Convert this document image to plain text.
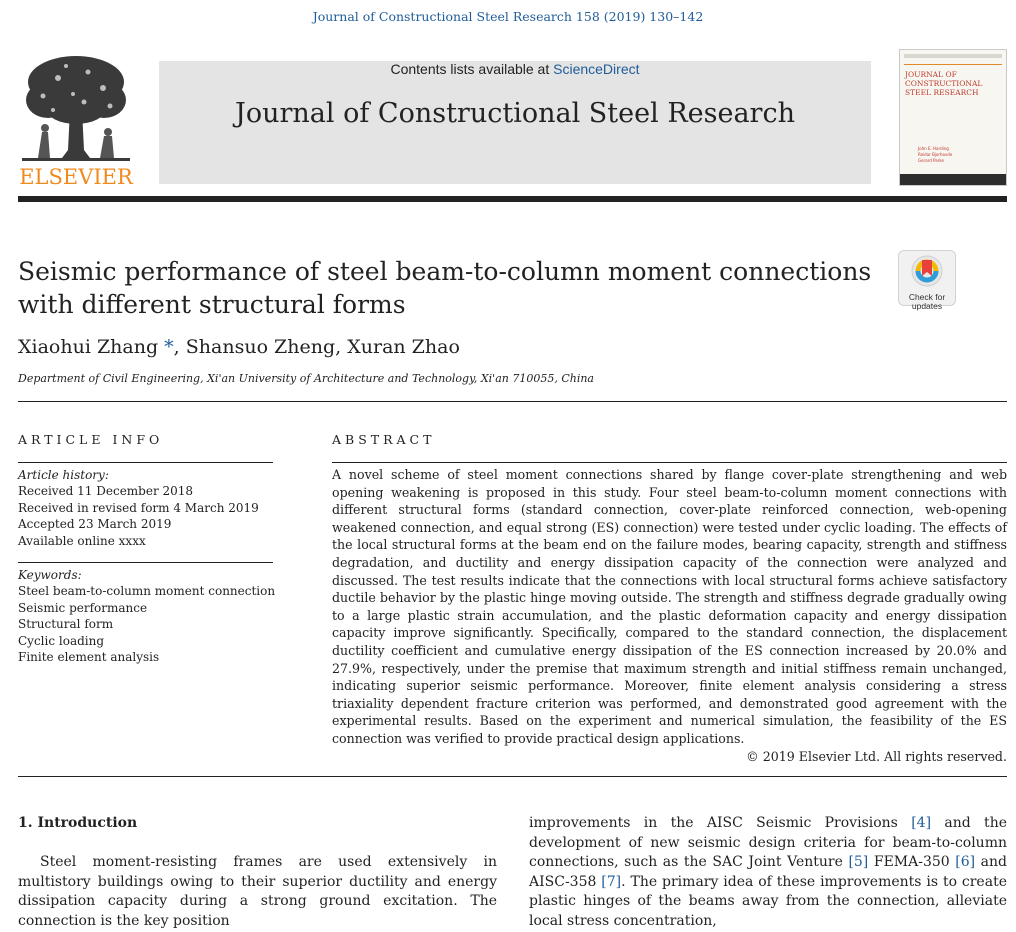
Journal of Constructional Steel Research 158 (2019) 130–142
ELSEVIER
Contents lists available at ScienceDirect
Journal of Constructional Steel Research
JOURNAL OF
CONSTRUCTIONAL
STEEL RESEARCH
John E. Harding
Reidar Bjorhovde
Gerard Parke
Seismic performance of steel beam-to-column moment connections with different structural forms	Check for updates
Xiaohui Zhang *, Shansuo Zheng, Xuran Zhao
Department of Civil Engineering, Xi'an University of Architecture and Technology, Xi'an 710055, China
ARTICLE INFO	ABSTRACT
Article history:
Received 11 December 2018
Received in revised form 4 March 2019
Accepted 23 March 2019
Available online xxxx
Keywords:
Steel beam-to-column moment connection
Seismic performance
Structural form
Cyclic loading
Finite element analysis

A novel scheme of steel moment connections shared by flange cover-plate strengthening and web opening weakening is proposed in this study. Four steel beam-to-column moment connections with different structural forms (standard connection, cover-plate reinforced connection, web-opening weakened connection, and equal strong (ES) connection) were tested under cyclic loading. The effects of the local structural forms at the beam end on the failure modes, bearing capacity, strength and stiffness degradation, and ductility and energy dissipation capacity of the connection were analyzed and discussed. The test results indicate that the connections with local structural forms achieve satisfactory ductile behavior by the plastic hinge moving outside. The strength and stiffness degrade gradually owing to a large plastic strain accumulation, and the plastic deformation capacity and energy dissipation capacity improve significantly. Specifically, compared to the standard connection, the displacement ductility coefficient and cumulative energy dissipation of the ES connection increased by 20.0% and 27.9%, respectively, under the premise that maximum strength and initial stiffness remain unchanged, indicating superior seismic performance. Moreover, finite element analysis considering a stress triaxiality dependent fracture criterion was performed, and demonstrated good agreement with the experimental results. Based on the experiment and numerical simulation, the feasibility of the ES connection was verified to provide practical design applications.

© 2019 Elsevier Ltd. All rights reserved.
1. Introduction

Steel moment-resisting frames are used extensively in multistory buildings owing to their superior ductility and energy dissipation capacity during a strong ground excitation. The connection is the key position

improvements in the AISC Seismic Provisions [4] and the development of new seismic design criteria for beam-to-column connections, such as the SAC Joint Venture [5] FEMA-350 [6] and AISC-358 [7]. The primary idea of these improvements is to create plastic hinges of the beams away from the connection, alleviate local stress concentration,
